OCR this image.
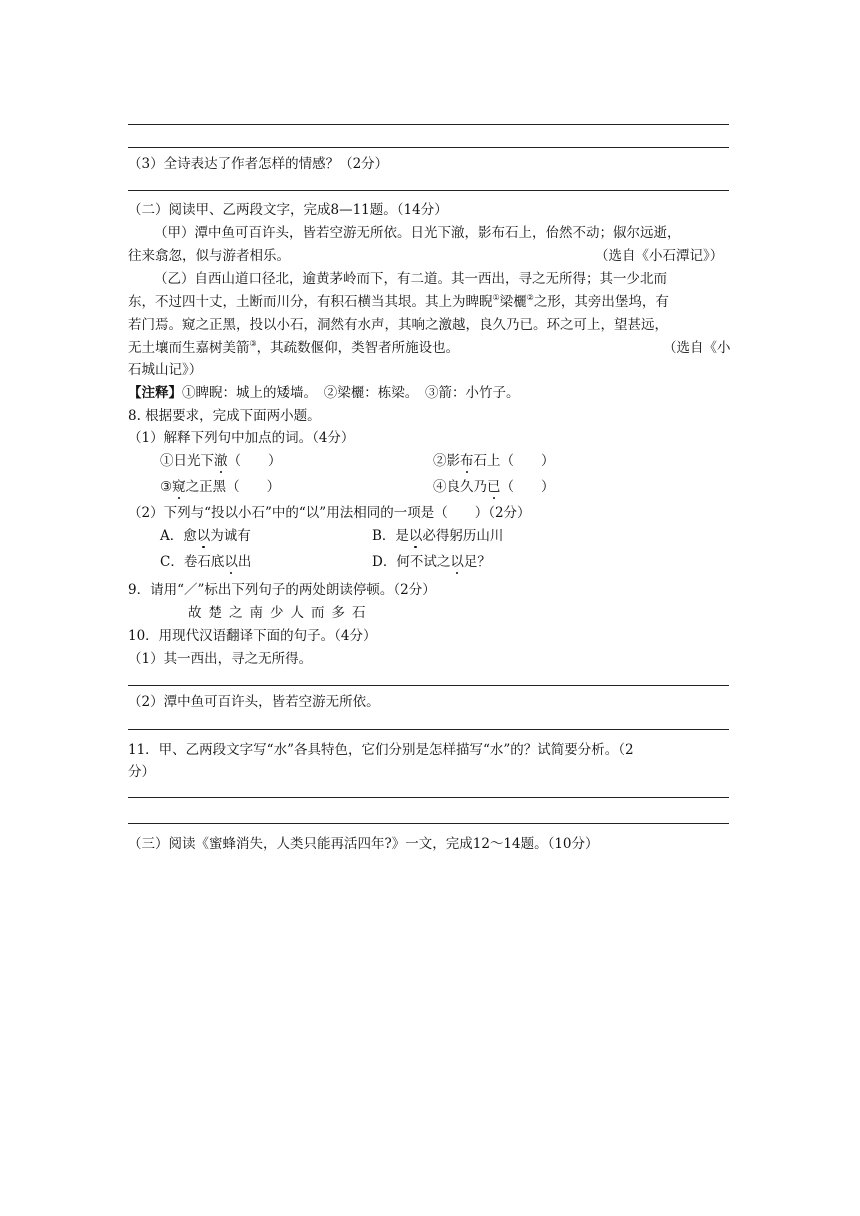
（3）全诗表达了作者怎样的情感？（2分）
（二）阅读甲、乙两段文字，完成8—11题。（14分）
（甲）潭中鱼可百许头，皆若空游无所依。日光下澈，影布石上，佁然不动；俶尔远逝，
往来翕忽，似与游者相乐。	（选自《小石潭记》）
（乙）自西山道口径北，逾黄茅岭而下，有二道。其一西出，寻之无所得；其一少北而
东，不过四十丈，土断而川分，有积石横当其垠。其上为睥睨①梁欐②之形，其旁出堡坞，有
若门焉。窥之正黑，投以小石，洞然有水声，其响之激越，良久乃已。环之可上，望甚远，
无土壤而生嘉树美箭③，其疏数偃仰，类智者所施设也。	（选自《小
石城山记》）
【注释】①睥睨：城上的矮墙。　②梁欐：栋梁。　③箭：小竹子。
8. 根据要求，完成下面两小题。
（1）解释下列句中加点的词。（4分）
①日光下澈（　　）	②影布石上（　　）
③窥之正黑（　　）	④良久乃已（　　）
（2）下列与“投以小石”中的“以”用法相同的一项是（　　）（2分）
A．愈以为诚有	B．是以必得躬历山川
C．卷石底以出	D．何不试之以足？
9．请用“／”标出下列句子的两处朗读停顿。（2分）
故楚之南少人而多石
10．用现代汉语翻译下面的句子。（4分）
（1）其一西出，寻之无所得。
（2）潭中鱼可百许头，皆若空游无所依。
11．甲、乙两段文字写“水”各具特色，它们分别是怎样描写“水”的？试简要分析。（2
分）
（三）阅读《蜜蜂消失，人类只能再活四年?》一文，完成12～14题。（10分）
